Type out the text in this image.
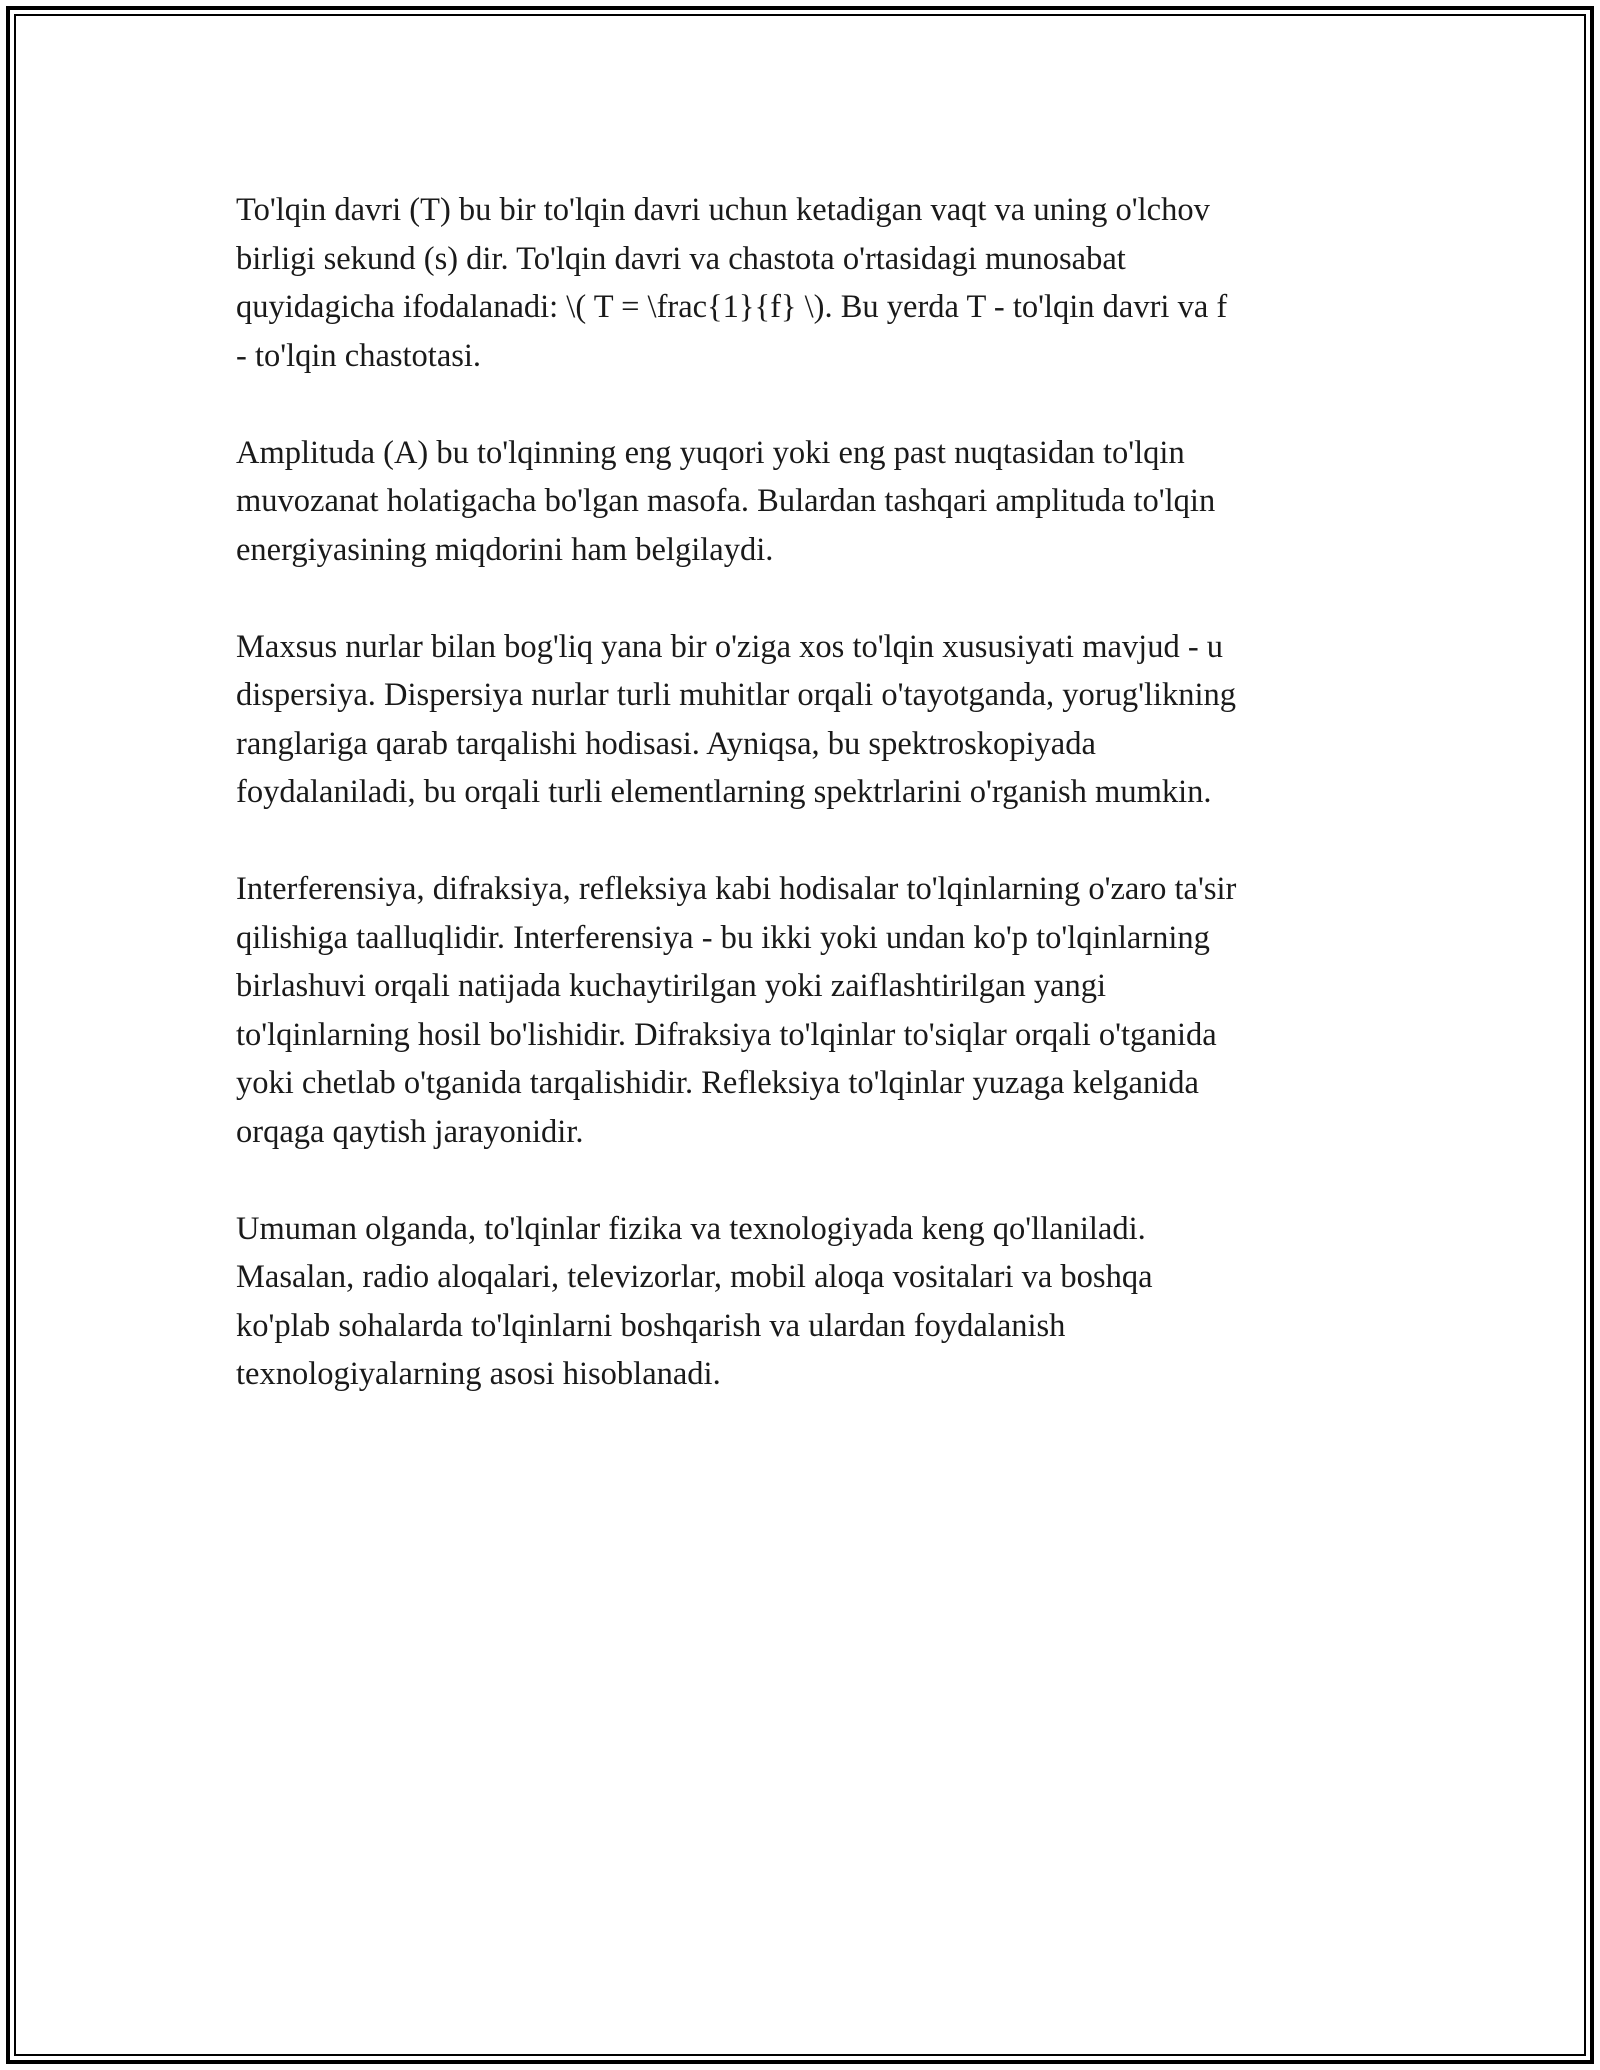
To'lqin davri (T) bu bir to'lqin davri uchun ketadigan vaqt va uning o'lchov
birligi sekund (s) dir. To'lqin davri va chastota o'rtasidagi munosabat
quyidagicha ifodalanadi: \( T = \frac{1}{f} \). Bu yerda T - to'lqin davri va f
- to'lqin chastotasi.

Amplituda (A) bu to'lqinning eng yuqori yoki eng past nuqtasidan to'lqin
muvozanat holatigacha bo'lgan masofa. Bulardan tashqari amplituda to'lqin
energiyasining miqdorini ham belgilaydi.

Maxsus nurlar bilan bog'liq yana bir o'ziga xos to'lqin xususiyati mavjud - u
dispersiya. Dispersiya nurlar turli muhitlar orqali o'tayotganda, yorug'likning
ranglariga qarab tarqalishi hodisasi. Ayniqsa, bu spektroskopiyada
foydalaniladi, bu orqali turli elementlarning spektrlarini o'rganish mumkin.

Interferensiya, difraksiya, refleksiya kabi hodisalar to'lqinlarning o'zaro ta'sir
qilishiga taalluqlidir. Interferensiya - bu ikki yoki undan ko'p to'lqinlarning
birlashuvi orqali natijada kuchaytirilgan yoki zaiflashtirilgan yangi
to'lqinlarning hosil bo'lishidir. Difraksiya to'lqinlar to'siqlar orqali o'tganida
yoki chetlab o'tganida tarqalishidir. Refleksiya to'lqinlar yuzaga kelganida
orqaga qaytish jarayonidir.

Umuman olganda, to'lqinlar fizika va texnologiyada keng qo'llaniladi.
Masalan, radio aloqalari, televizorlar, mobil aloqa vositalari va boshqa
ko'plab sohalarda to'lqinlarni boshqarish va ulardan foydalanish
texnologiyalarning asosi hisoblanadi.
